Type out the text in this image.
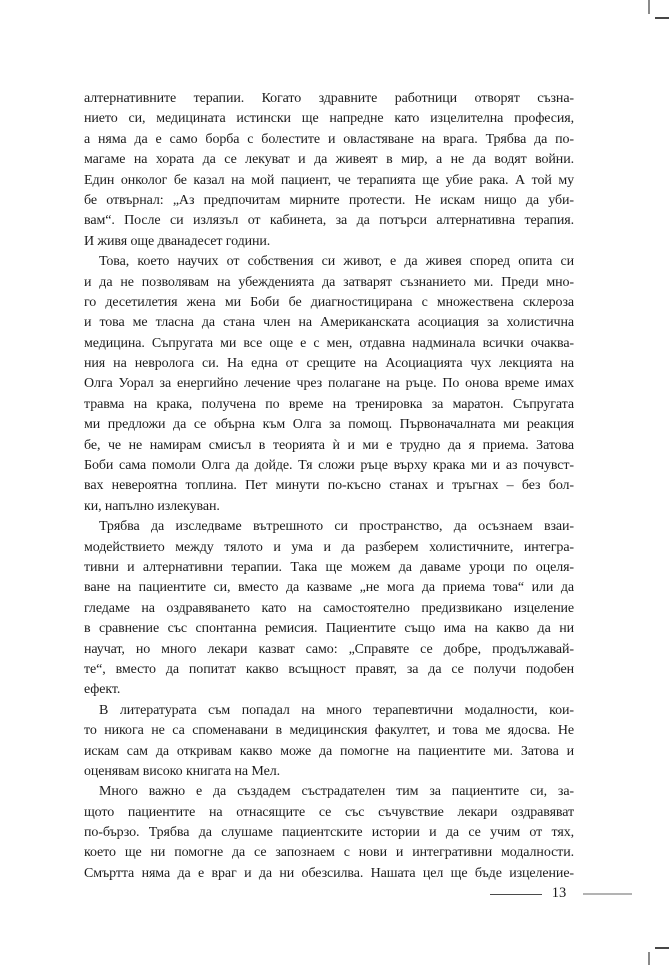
алтернативните терапии. Когато здравните работници отворят съзна-
нието си, медицината истински ще напредне като изцелителна професия,
а няма да е само борба с болестите и овластяване на врага. Трябва да по-
магаме на хората да се лекуват и да живеят в мир, а не да водят войни.
Един онколог бе казал на мой пациент, че терапията ще убие рака. А той му
бе отвърнал: „Аз предпочитам мирните протести. Не искам нищо да уби-
вам“. После си излязъл от кабинета, за да потърси алтернативна терапия.
И живя още дванадесет години.
Това, което научих от собствения си живот, е да живея според опита си
и да не позволявам на убежденията да затварят съзнанието ми. Преди мно-
го десетилетия жена ми Боби бе диагностицирана с множествена склероза
и това ме тласна да стана член на Американската асоциация за холистична
медицина. Съпругата ми все още е с мен, отдавна надминала всички очаква-
ния на невролога си. На една от срещите на Асоциацията чух лекцията на
Олга Уорал за енергийно лечение чрез полагане на ръце. По онова време имах
травма на крака, получена по време на тренировка за маратон. Съпругата
ми предложи да се обърна към Олга за помощ. Първоначалната ми реакция
бе, че не намирам смисъл в теорията ѝ и ми е трудно да я приема. Затова
Боби сама помоли Олга да дойде. Тя сложи ръце върху крака ми и аз почувст-
вах невероятна топлина. Пет минути по-късно станах и тръгнах – без бол-
ки, напълно излекуван.
Трябва да изследваме вътрешното си пространство, да осъзнаем взаи-
модействието между тялото и ума и да разберем холистичните, интегра-
тивни и алтернативни терапии. Така ще можем да даваме уроци по оцеля-
ване на пациентите си, вместо да казваме „не мога да приема това“ или да
гледаме на оздравяването като на самостоятелно предизвикано изцеление
в сравнение със спонтанна ремисия. Пациентите също има на какво да ни
научат, но много лекари казват само: „Справяте се добре, продължавай-
те“, вместо да попитат какво всъщност правят, за да се получи подобен
ефект.
В литературата съм попадал на много терапевтични модалности, кои-
то никога не са споменавани в медицинския факултет, и това ме ядосва. Не
искам сам да откривам какво може да помогне на пациентите ми. Затова и
оценявам високо книгата на Мел.
Много важно е да създадем състрадателен тим за пациентите си, за-
щото пациентите на отнасящите се със съчувствие лекари оздравяват
по-бързо. Трябва да слушаме пациентските истории и да се учим от тях,
което ще ни помогне да се запознаем с нови и интегративни модалности.
Смъртта няма да е враг и да ни обезсилва. Нашата цел ще бъде изцеление-
13
